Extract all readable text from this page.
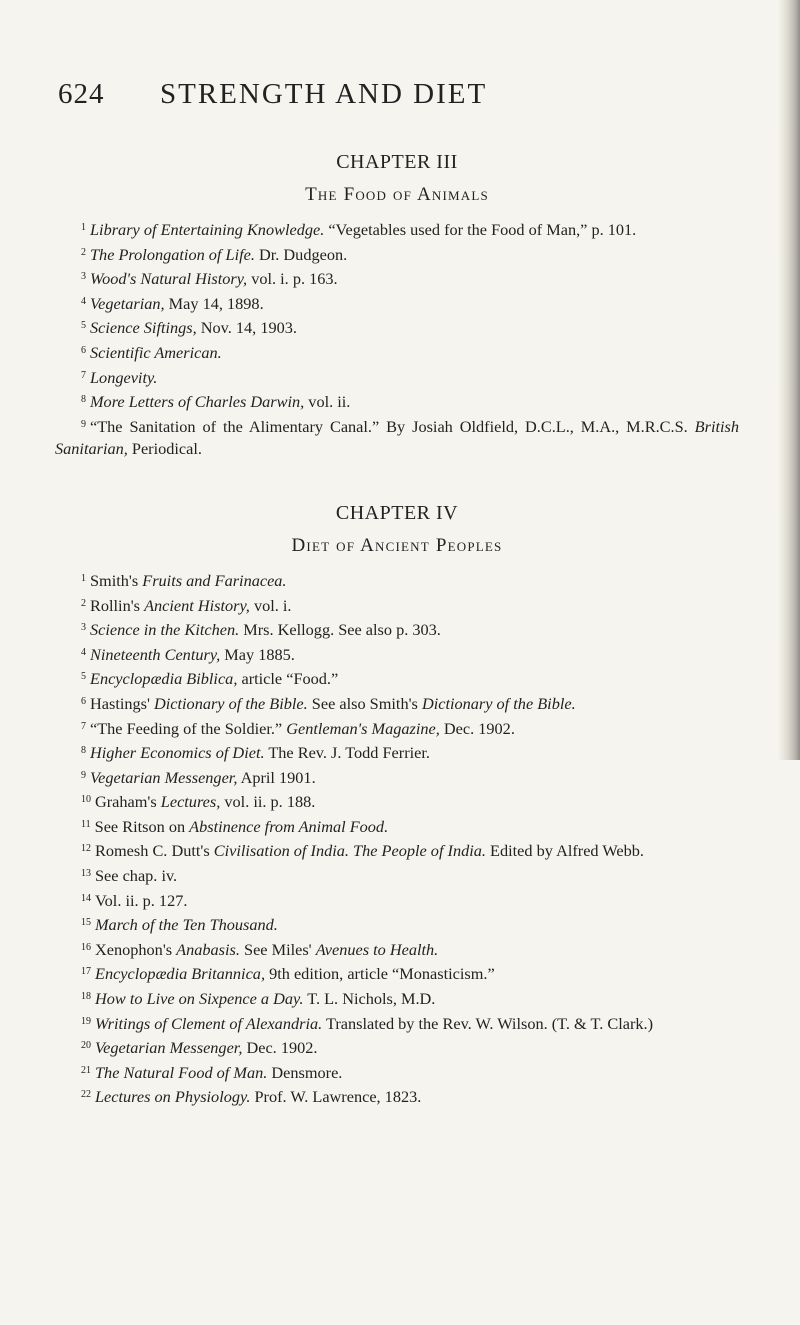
624	STRENGTH AND DIET
CHAPTER III
The Food of Animals
$^1$ Library of Entertaining Knowledge. “Vegetables used for the Food of Man,” p. 101.
$^2$ The Prolongation of Life. Dr. Dudgeon.
$^3$ Wood's Natural History, vol. i. p. 163.
$^4$ Vegetarian, May 14, 1898.
$^5$ Science Siftings, Nov. 14, 1903.
$^6$ Scientific American.
$^7$ Longevity.
$^8$ More Letters of Charles Darwin, vol. ii.
$^9$ “The Sanitation of the Alimentary Canal.” By Josiah Oldfield, D.C.L., M.A., M.R.C.S. British Sanitarian, Periodical.
CHAPTER IV
Diet of Ancient Peoples
$^1$ Smith's Fruits and Farinacea.
$^2$ Rollin's Ancient History, vol. i.
$^3$ Science in the Kitchen. Mrs. Kellogg. See also p. 303.
$^4$ Nineteenth Century, May 1885.
$^5$ Encyclopædia Biblica, article “Food.”
$^6$ Hastings' Dictionary of the Bible. See also Smith's Dictionary of the Bible.
$^7$ “The Feeding of the Soldier.” Gentleman's Magazine, Dec. 1902.
$^8$ Higher Economics of Diet. The Rev. J. Todd Ferrier.
$^9$ Vegetarian Messenger, April 1901.
$^{10}$ Graham's Lectures, vol. ii. p. 188.
$^{11}$ See Ritson on Abstinence from Animal Food.
$^{12}$ Romesh C. Dutt's Civilisation of India. The People of India. Edited by Alfred Webb.
$^{13}$ See chap. iv.
$^{14}$ Vol. ii. p. 127.
$^{15}$ March of the Ten Thousand.
$^{16}$ Xenophon's Anabasis. See Miles' Avenues to Health.
$^{17}$ Encyclopædia Britannica, 9th edition, article “Monasticism.”
$^{18}$ How to Live on Sixpence a Day. T. L. Nichols, M.D.
$^{19}$ Writings of Clement of Alexandria. Translated by the Rev. W. Wilson. (T. & T. Clark.)
$^{20}$ Vegetarian Messenger, Dec. 1902.
$^{21}$ The Natural Food of Man. Densmore.
$^{22}$ Lectures on Physiology. Prof. W. Lawrence, 1823.
